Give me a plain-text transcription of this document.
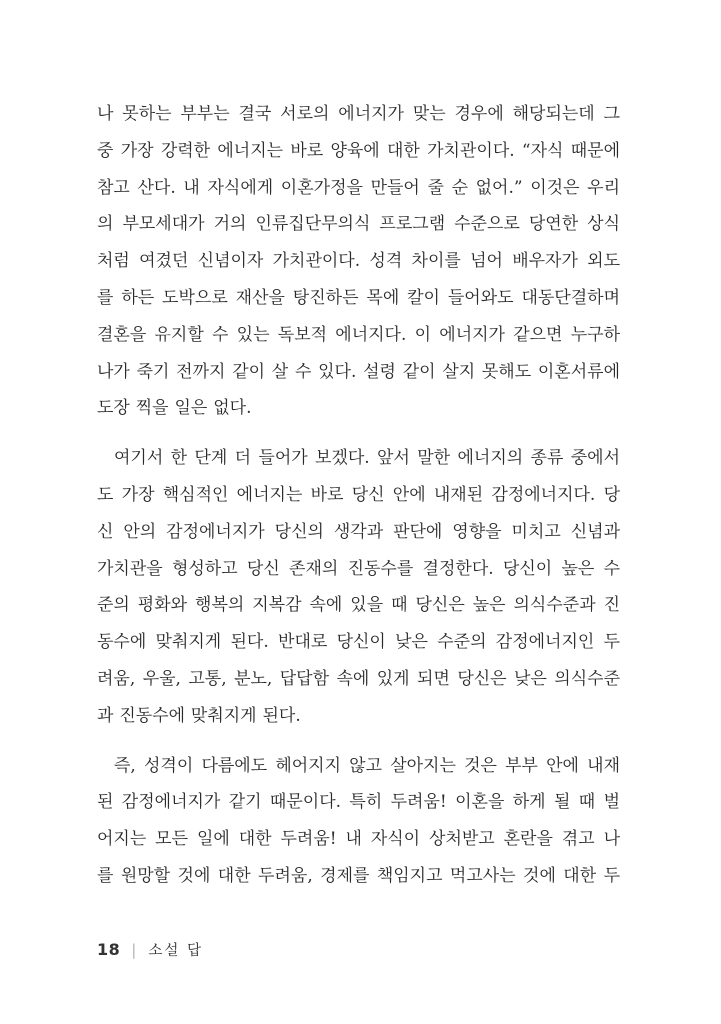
나 못하는 부부는 결국 서로의 에너지가 맞는 경우에 해당되는데 그
중 가장 강력한 에너지는 바로 양육에 대한 가치관이다. “자식 때문에
참고 산다. 내 자식에게 이혼가정을 만들어 줄 순 없어.” 이것은 우리
의 부모세대가 거의 인류집단무의식 프로그램 수준으로 당연한 상식
처럼 여겼던 신념이자 가치관이다. 성격 차이를 넘어 배우자가 외도
를 하든 도박으로 재산을 탕진하든 목에 칼이 들어와도 대동단결하며
결혼을 유지할 수 있는 독보적 에너지다. 이 에너지가 같으면 누구하
나가 죽기 전까지 같이 살 수 있다. 설령 같이 살지 못해도 이혼서류에
도장 찍을 일은 없다.
여기서 한 단계 더 들어가 보겠다. 앞서 말한 에너지의 종류 중에서
도 가장 핵심적인 에너지는 바로 당신 안에 내재된 감정에너지다. 당
신 안의 감정에너지가 당신의 생각과 판단에 영향을 미치고 신념과
가치관을 형성하고 당신 존재의 진동수를 결정한다. 당신이 높은 수
준의 평화와 행복의 지복감 속에 있을 때 당신은 높은 의식수준과 진
동수에 맞춰지게 된다. 반대로 당신이 낮은 수준의 감정에너지인 두
려움, 우울, 고통, 분노, 답답함 속에 있게 되면 당신은 낮은 의식수준
과 진동수에 맞춰지게 된다.
즉, 성격이 다름에도 헤어지지 않고 살아지는 것은 부부 안에 내재
된 감정에너지가 같기 때문이다. 특히 두려움! 이혼을 하게 될 때 벌
어지는 모든 일에 대한 두려움! 내 자식이 상처받고 혼란을 겪고 나
를 원망할 것에 대한 두려움, 경제를 책임지고 먹고사는 것에 대한 두
18 | 소설 답
